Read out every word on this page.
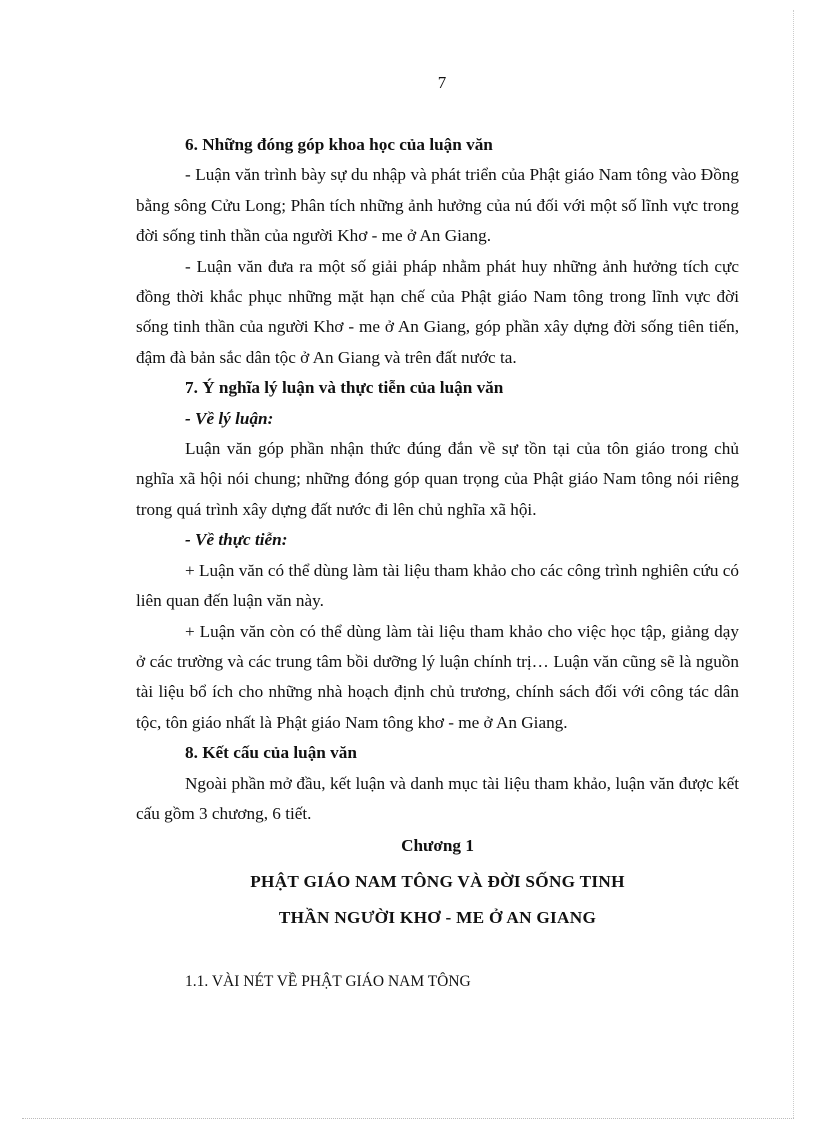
7

6. Những đóng góp khoa học của luận văn

- Luận văn trình bày sự du nhập và phát triển của Phật giáo Nam tông vào Đồng bằng sông Cửu Long; Phân tích những ảnh hưởng của nú đối với một số lĩnh vực trong đời sống tinh thần của người Khơ - me ở An Giang.

- Luận văn đưa ra một số giải pháp nhằm phát huy những ảnh hưởng tích cực đồng thời khắc phục những mặt hạn chế của Phật giáo Nam tông trong lĩnh vực đời sống tinh thần của người Khơ - me ở An Giang, góp phần xây dựng đời sống tiên tiến, đậm đà bản sắc dân tộc ở An Giang và trên đất nước ta.

7. Ý nghĩa lý luận và thực tiễn của luận văn

- Về lý luận:

Luận văn góp phần nhận thức đúng đắn về sự tồn tại của tôn giáo trong chủ nghĩa xã hội nói chung; những đóng góp quan trọng của Phật giáo Nam tông nói riêng trong quá trình xây dựng đất nước đi lên chủ nghĩa xã hội.

- Về thực tiễn:

+ Luận văn có thể dùng làm tài liệu tham khảo cho các công trình nghiên cứu có liên quan đến luận văn này.

+ Luận văn còn có thể dùng làm tài liệu tham khảo cho việc học tập, giảng dạy ở các trường và các trung tâm bồi dưỡng lý luận chính trị… Luận văn cũng sẽ là nguồn tài liệu bổ ích cho những nhà hoạch định chủ trương, chính sách đối với công tác dân tộc, tôn giáo nhất là Phật giáo Nam tông khơ - me ở An Giang.

8. Kết cấu của luận văn

Ngoài phần mở đầu, kết luận và danh mục tài liệu tham khảo, luận văn được kết cấu gồm 3 chương, 6 tiết.

Chương 1

PHẬT GIÁO NAM TÔNG VÀ ĐỜI SỐNG TINH

THẦN NGƯỜI KHƠ - ME Ở AN GIANG

1.1. VÀI NÉT VỀ PHẬT GIÁO NAM TÔNG
